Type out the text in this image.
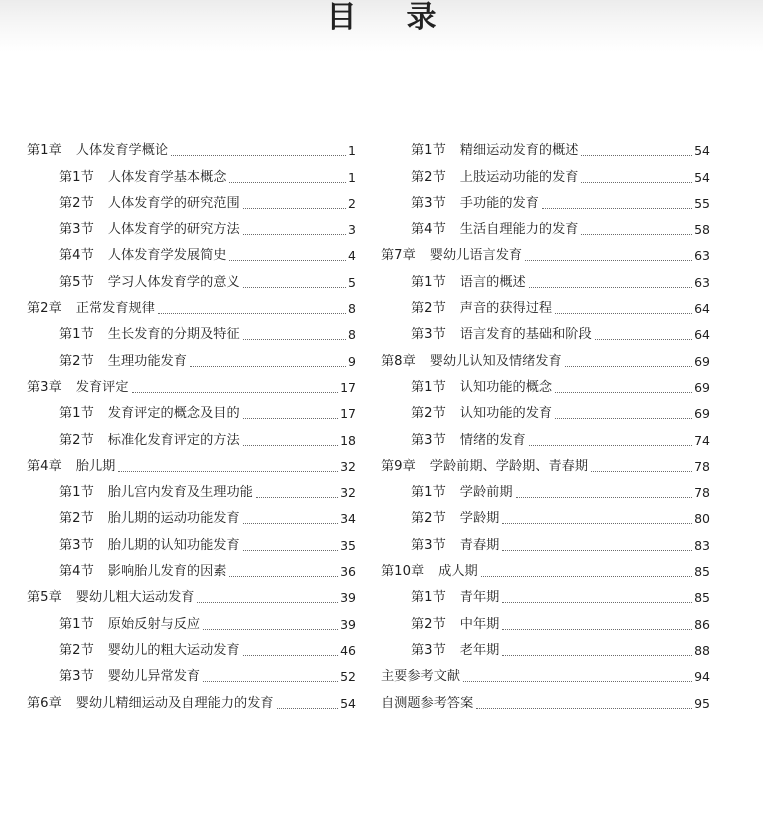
目录
第1章 人体发育学概论	1
第1节 人体发育学基本概念	1
第2节 人体发育学的研究范围	2
第3节 人体发育学的研究方法	3
第4节 人体发育学发展简史	4
第5节 学习人体发育学的意义	5
第2章 正常发育规律	8
第1节 生长发育的分期及特征	8
第2节 生理功能发育	9
第3章 发育评定	17
第1节 发育评定的概念及目的	17
第2节 标准化发育评定的方法	18
第4章 胎儿期	32
第1节 胎儿宫内发育及生理功能	32
第2节 胎儿期的运动功能发育	34
第3节 胎儿期的认知功能发育	35
第4节 影响胎儿发育的因素	36
第5章 婴幼儿粗大运动发育	39
第1节 原始反射与反应	39
第2节 婴幼儿的粗大运动发育	46
第3节 婴幼儿异常发育	52
第6章 婴幼儿精细运动及自理能力的发育	54
第1节 精细运动发育的概述	54
第2节 上肢运动功能的发育	54
第3节 手功能的发育	55
第4节 生活自理能力的发育	58
第7章 婴幼儿语言发育	63
第1节 语言的概述	63
第2节 声音的获得过程	64
第3节 语言发育的基础和阶段	64
第8章 婴幼儿认知及情绪发育	69
第1节 认知功能的概念	69
第2节 认知功能的发育	69
第3节 情绪的发育	74
第9章 学龄前期、学龄期、青春期	78
第1节 学龄前期	78
第2节 学龄期	80
第3节 青春期	83
第10章 成人期	85
第1节 青年期	85
第2节 中年期	86
第3节 老年期	88
主要参考文献	94
自测题参考答案	95
